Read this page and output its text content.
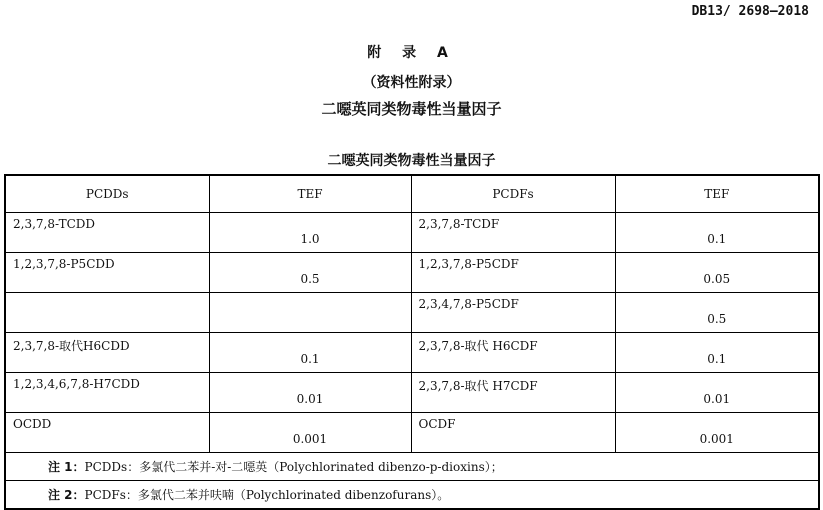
DB13/ 2698—2018
附 录 A
（资料性附录）
二噁英同类物毒性当量因子
二噁英同类物毒性当量因子
PCDDs	TEF	PCDFs	TEF
2,3,7,8-TCDD	1.0	2,3,7,8-TCDF	0.1
1,2,3,7,8-P5CDD	0.5	1,2,3,7,8-P5CDF	0.05
		2,3,4,7,8-P5CDF	0.5
2,3,7,8-取代H6CDD	0.1	2,3,7,8-取代 H6CDF	0.1
1,2,3,4,6,7,8-H7CDD	0.01	2,3,7,8-取代 H7CDF	0.01
OCDD	0.001	OCDF	0.001
注 1：PCDDs：多氯代二苯并-对-二噁英（Polychlorinated dibenzo-p-dioxins）；			
注 2：PCDFs：多氯代二苯并呋喃（Polychlorinated dibenzofurans）。			
